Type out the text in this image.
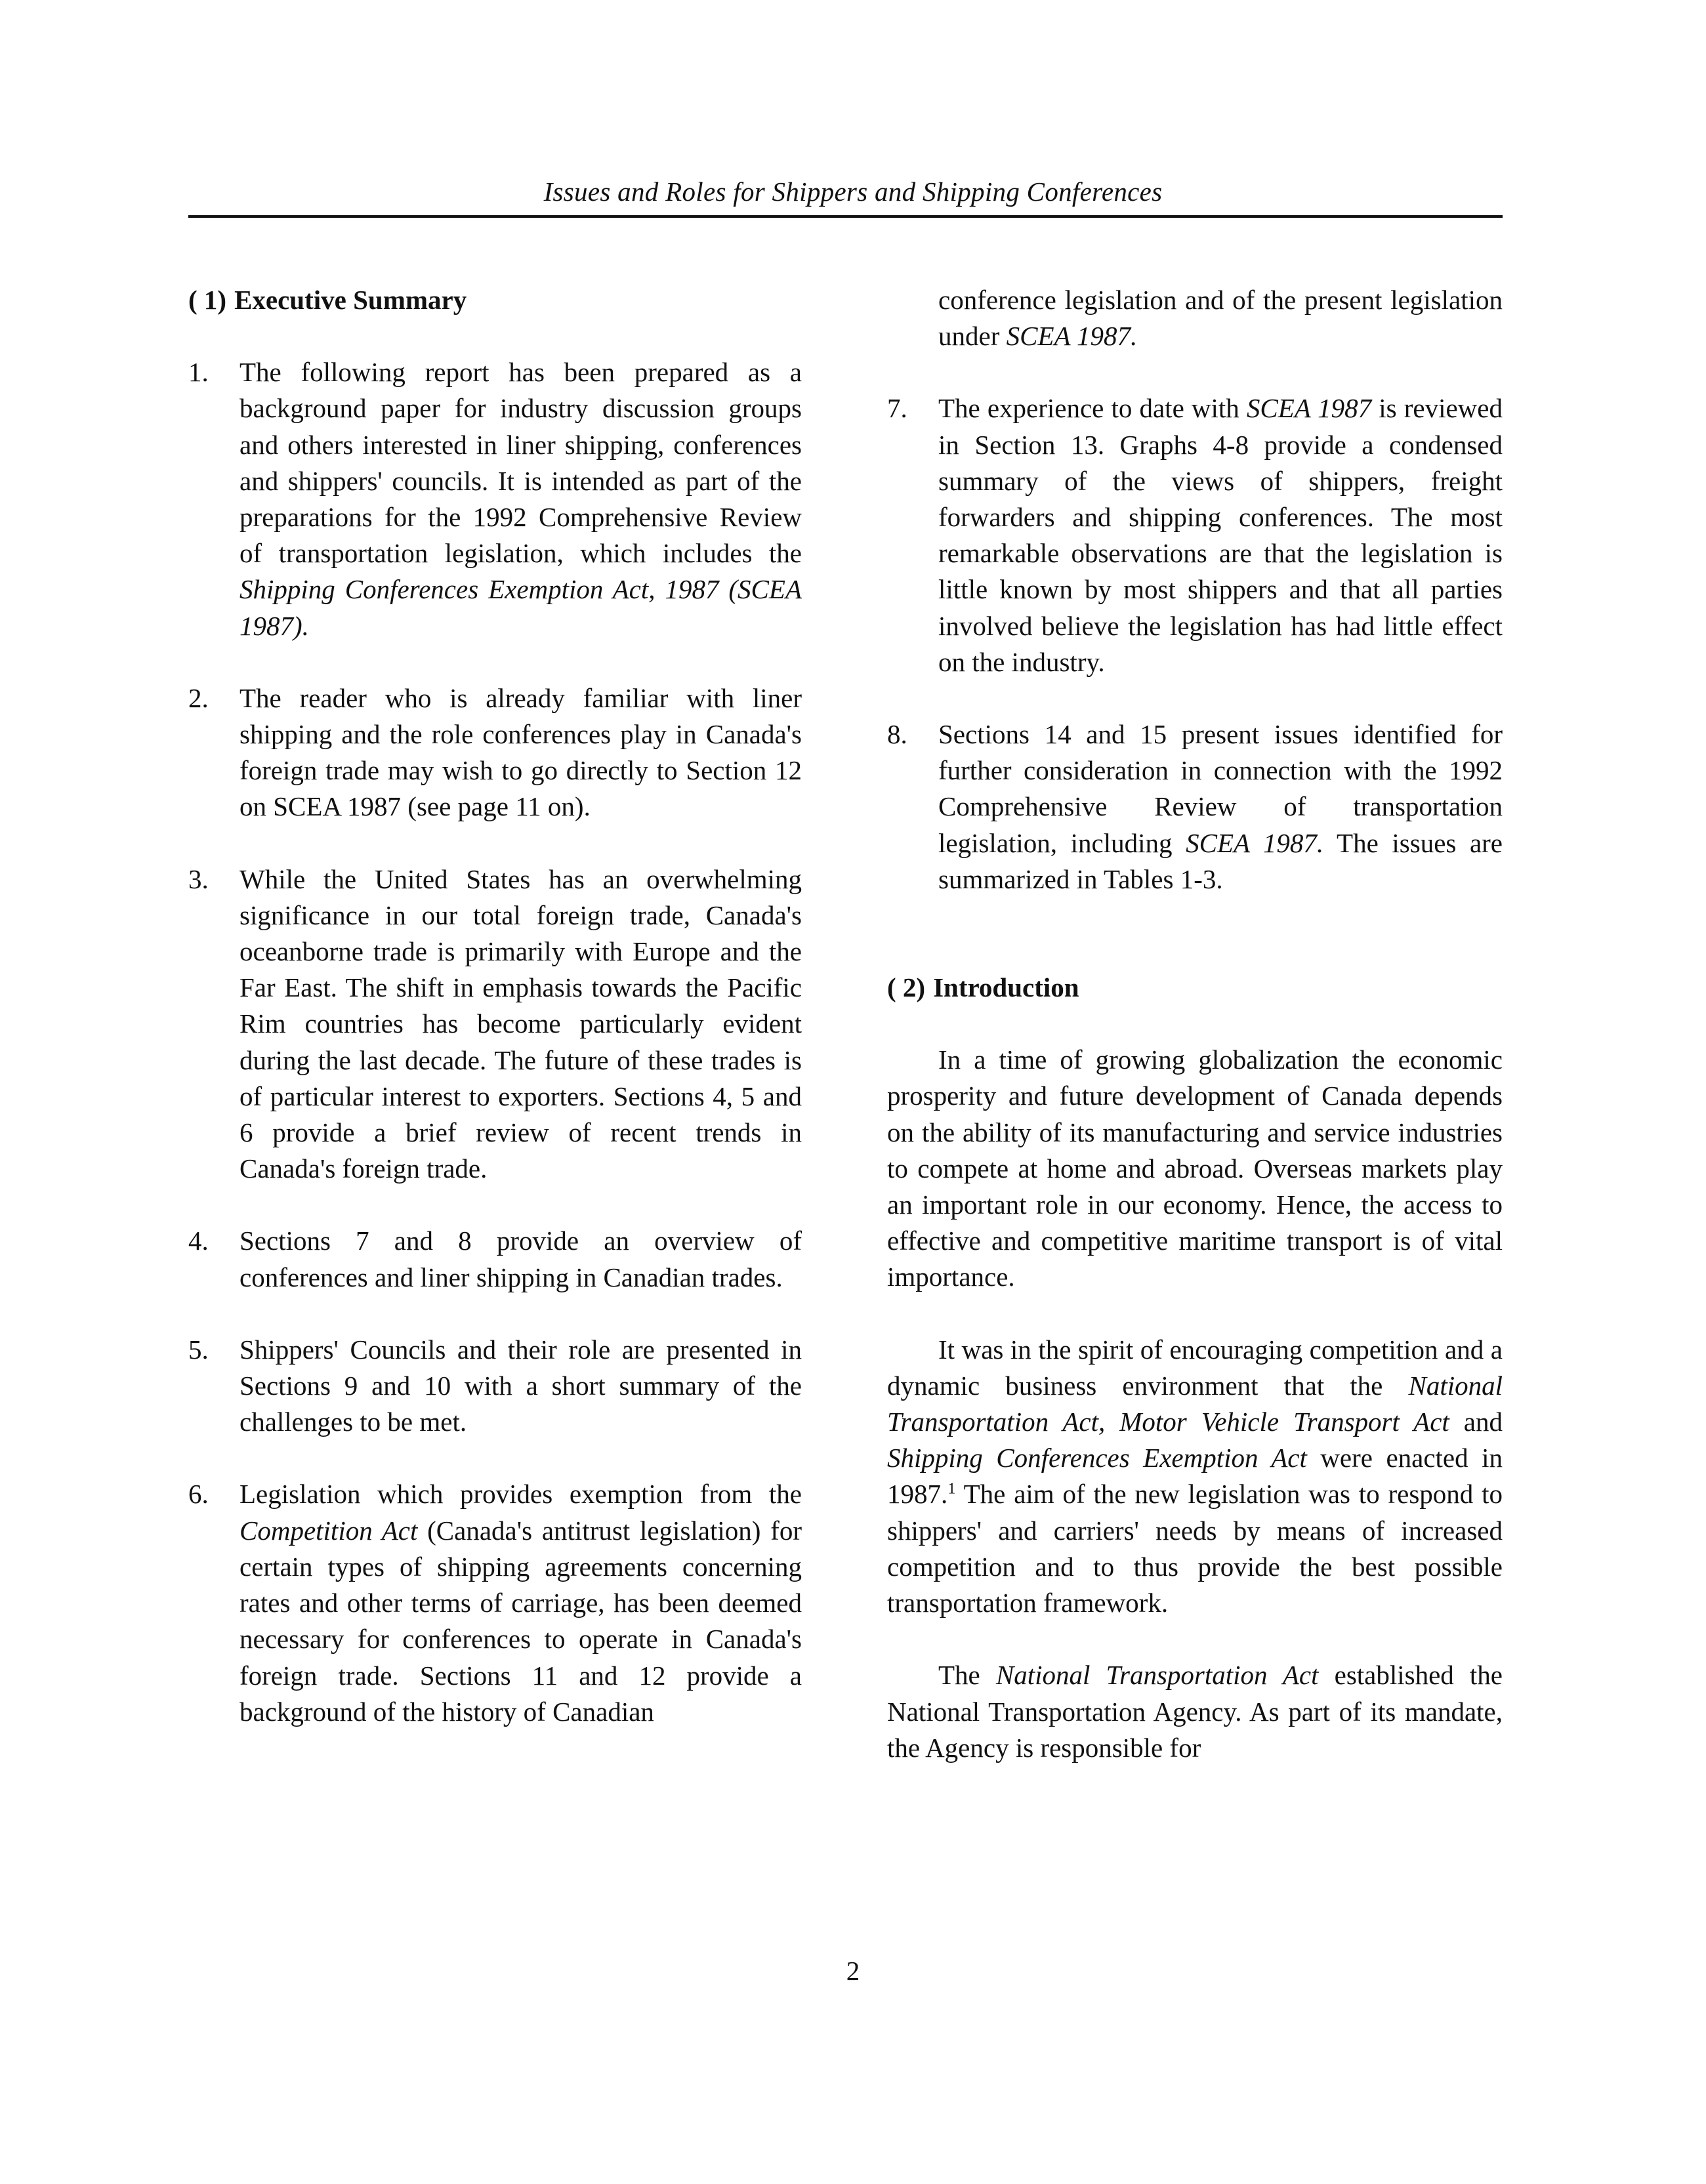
Issues and Roles for Shippers and Shipping Conferences
( 1) Executive Summary
1.	The following report has been prepared as a background paper for industry discussion groups and others interested in liner shipping, conferences and shippers' councils. It is intended as part of the preparations for the 1992 Comprehensive Review of transportation legislation, which includes the Shipping Conferences Exemption Act, 1987 (SCEA 1987).
2.	The reader who is already familiar with liner shipping and the role conferences play in Canada's foreign trade may wish to go directly to Section 12 on SCEA 1987 (see page 11 on).
3.	While the United States has an overwhelming significance in our total foreign trade, Canada's oceanborne trade is primarily with Europe and the Far East. The shift in emphasis towards the Pacific Rim countries has become particularly evident during the last decade. The future of these trades is of particular interest to exporters. Sections 4, 5 and 6 provide a brief review of recent trends in Canada's foreign trade.
4.	Sections 7 and 8 provide an overview of conferences and liner shipping in Canadian trades.
5.	Shippers' Councils and their role are presented in Sections 9 and 10 with a short summary of the challenges to be met.
6.	Legislation which provides exemption from the Competition Act (Canada's antitrust legislation) for certain types of shipping agreements concerning rates and other terms of carriage, has been deemed necessary for conferences to operate in Canada's foreign trade. Sections 11 and 12 provide a background of the history of Canadian
conference legislation and of the present legislation under SCEA 1987.
7.	The experience to date with SCEA 1987 is reviewed in Section 13. Graphs 4-8 provide a condensed summary of the views of shippers, freight forwarders and shipping conferences. The most remarkable observations are that the legislation is little known by most shippers and that all parties involved believe the legislation has had little effect on the industry.
8.	Sections 14 and 15 present issues identified for further consideration in connection with the 1992 Comprehensive Review of transportation legislation, including SCEA 1987. The issues are summarized in Tables 1-3.
( 2) Introduction
In a time of growing globalization the economic prosperity and future development of Canada depends on the ability of its manufacturing and service industries to compete at home and abroad. Overseas markets play an important role in our economy. Hence, the access to effective and competitive maritime transport is of vital importance.
It was in the spirit of encouraging competition and a dynamic business environment that the National Transportation Act, Motor Vehicle Transport Act and Shipping Conferences Exemption Act were enacted in 1987.$^1$ The aim of the new legislation was to respond to shippers' and carriers' needs by means of increased competition and to thus provide the best possible transportation framework.
The National Transportation Act established the National Transportation Agency. As part of its mandate, the Agency is responsible for
2
